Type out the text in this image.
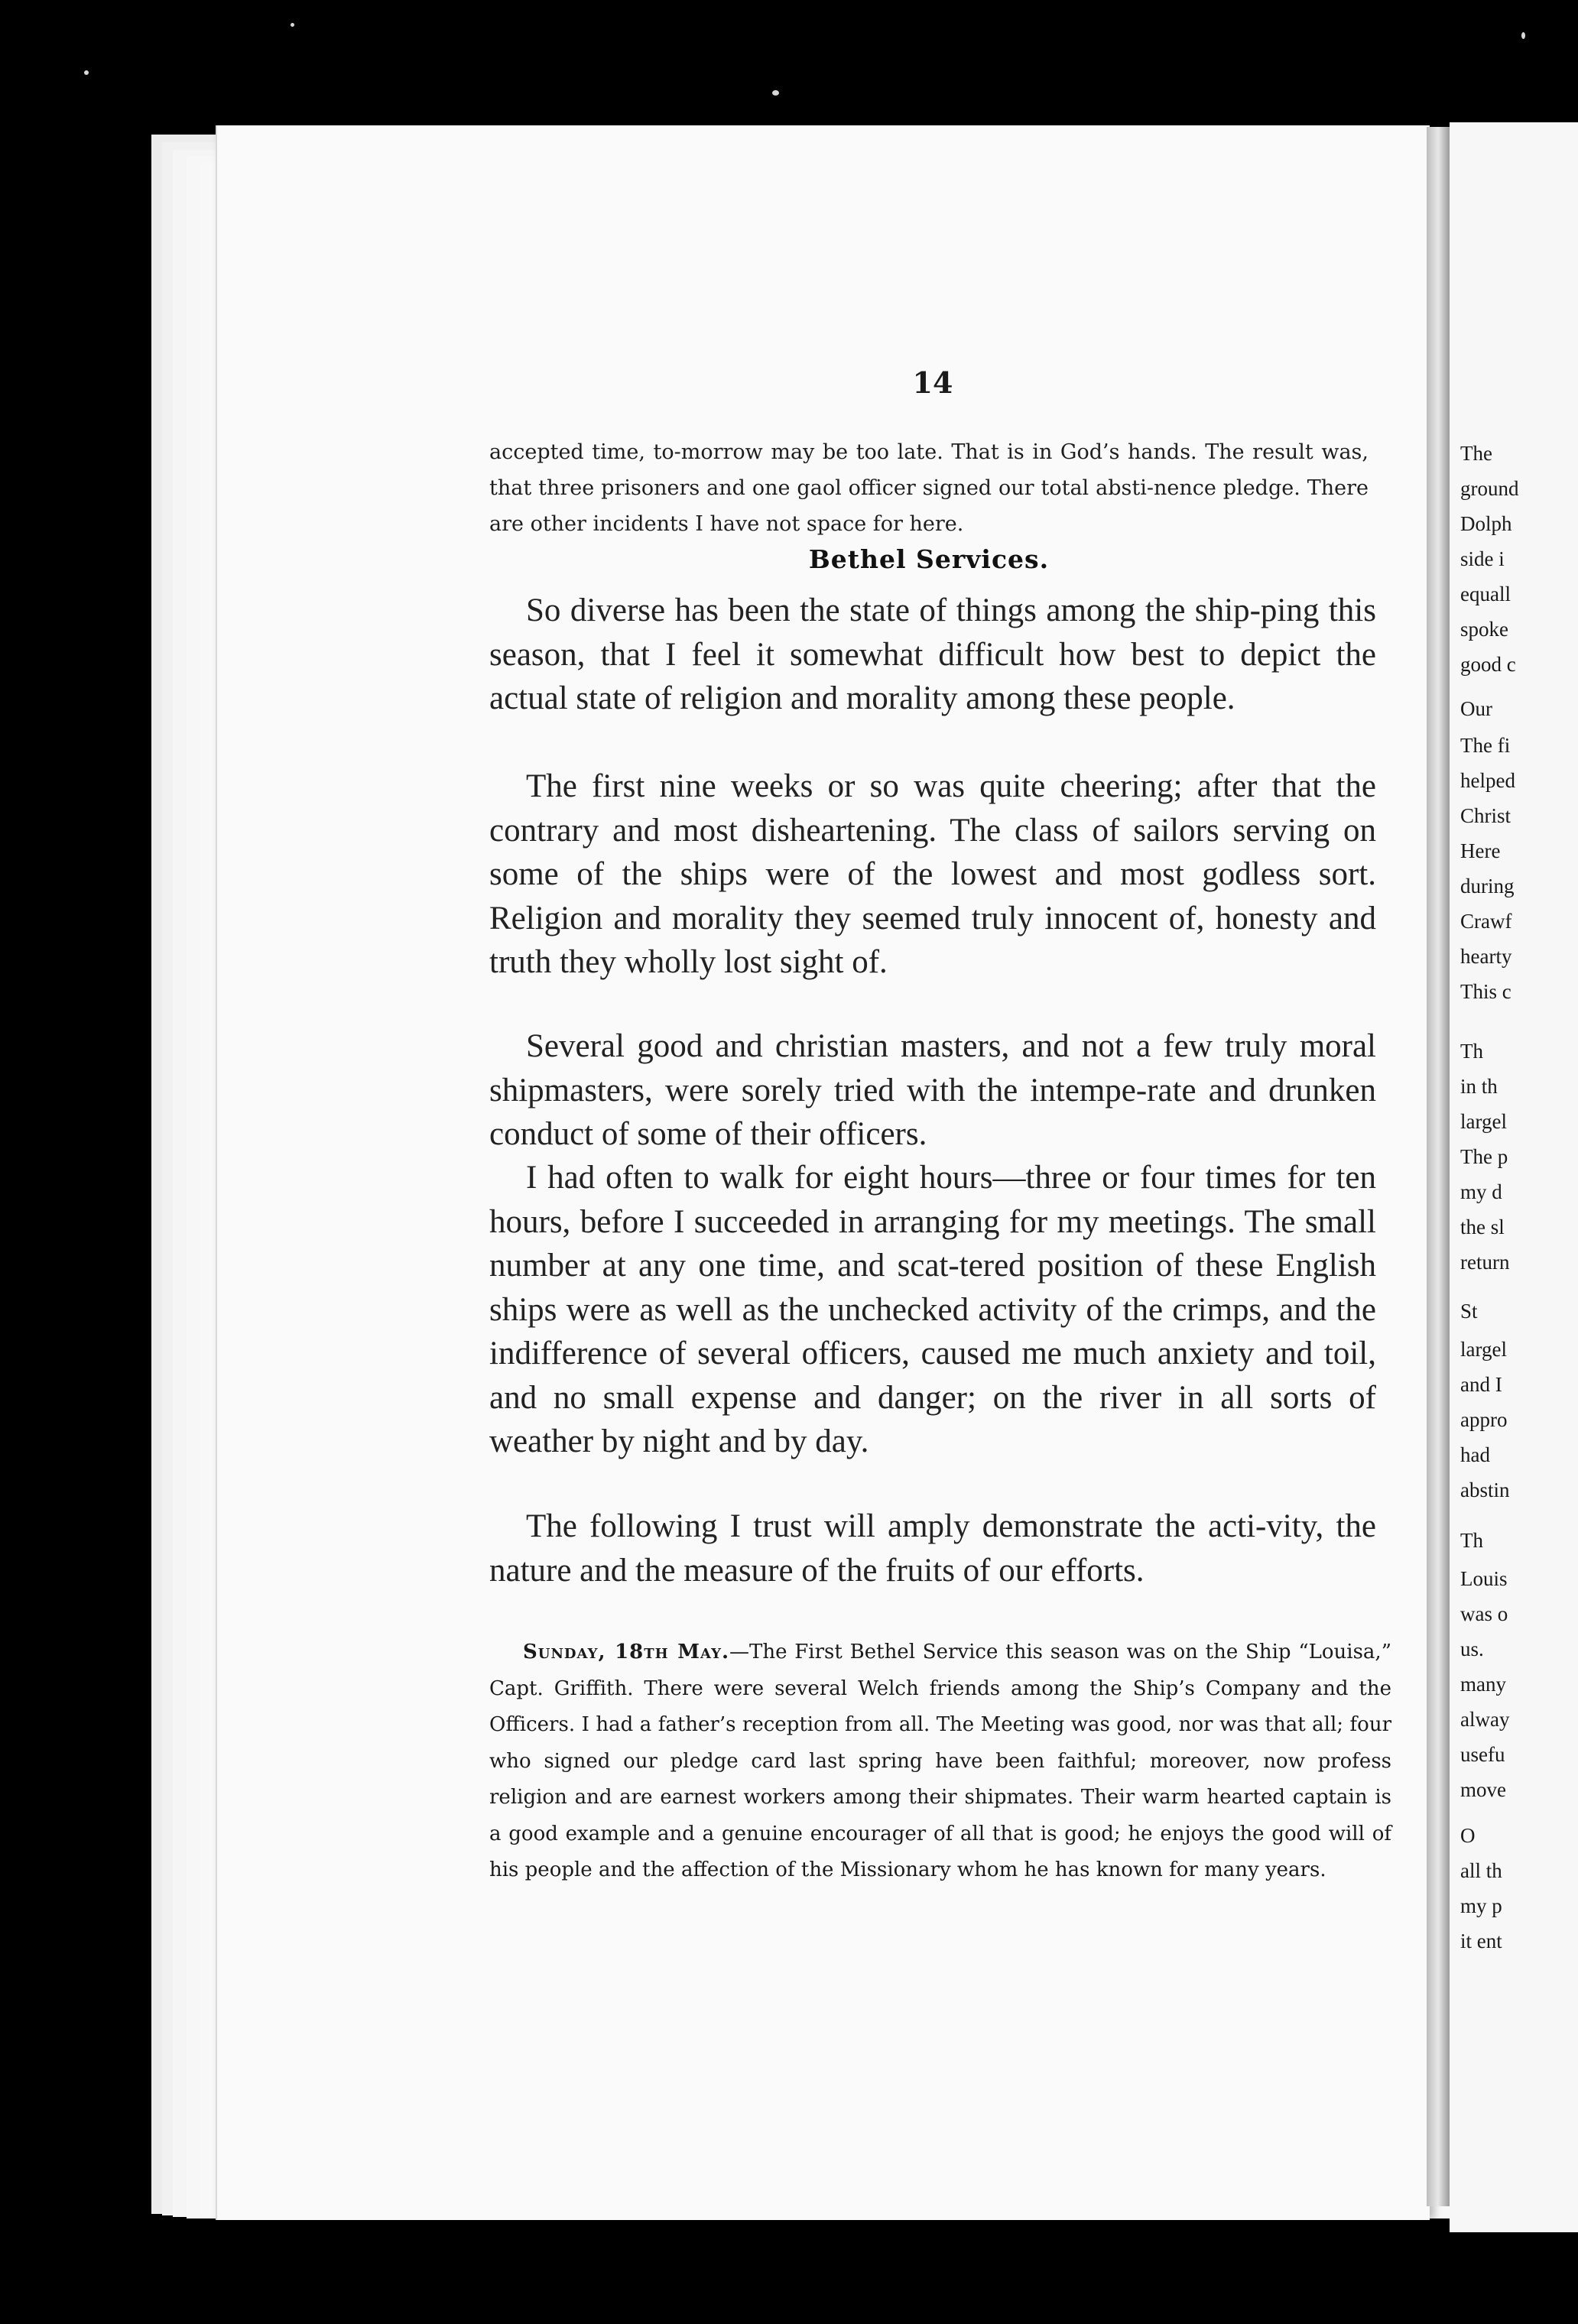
14
accepted time, to-morrow may be too late. That is in God’s hands. The result was, that three prisoners and one gaol officer signed our total absti-nence pledge. There are other incidents I have not space for here.
Bethel Services.
So diverse has been the state of things among the ship-ping this season, that I feel it somewhat difficult how best to depict the actual state of religion and morality among these people.
The first nine weeks or so was quite cheering; after that the contrary and most disheartening. The class of sailors serving on some of the ships were of the lowest and most godless sort. Religion and morality they seemed truly innocent of, honesty and truth they wholly lost sight of.
Several good and christian masters, and not a few truly moral shipmasters, were sorely tried with the intempe-rate and drunken conduct of some of their officers.
I had often to walk for eight hours—three or four times for ten hours, before I succeeded in arranging for my meetings. The small number at any one time, and scat-tered position of these English ships were as well as the unchecked activity of the crimps, and the indifference of several officers, caused me much anxiety and toil, and no small expense and danger; on the river in all sorts of weather by night and by day.
The following I trust will amply demonstrate the acti-vity, the nature and the measure of the fruits of our efforts.
Sunday, 18th May.—The First Bethel Service this season was on the Ship “Louisa,” Capt. Griffith. There were several Welch friends among the Ship’s Company and the Officers. I had a father’s reception from all. The Meeting was good, nor was that all; four who signed our pledge card last spring have been faithful; moreover, now profess religion and are earnest workers among their shipmates. Their warm hearted captain is a good example and a genuine encourager of all that is good; he enjoys the good will of his people and the affection of the Missionary whom he has known for many years.
The
ground
Dolph
side i
equall
spoke
good c
Our
The fi
helped
Christ
Here
during
Crawf
hearty
This c
Th
in th
largel
The p
my d
the sl
return
St
largel
and I
appro
had
abstin
Th
Louis
was o
us.
many
alway
usefu
move
O
all th
my p
it ent
